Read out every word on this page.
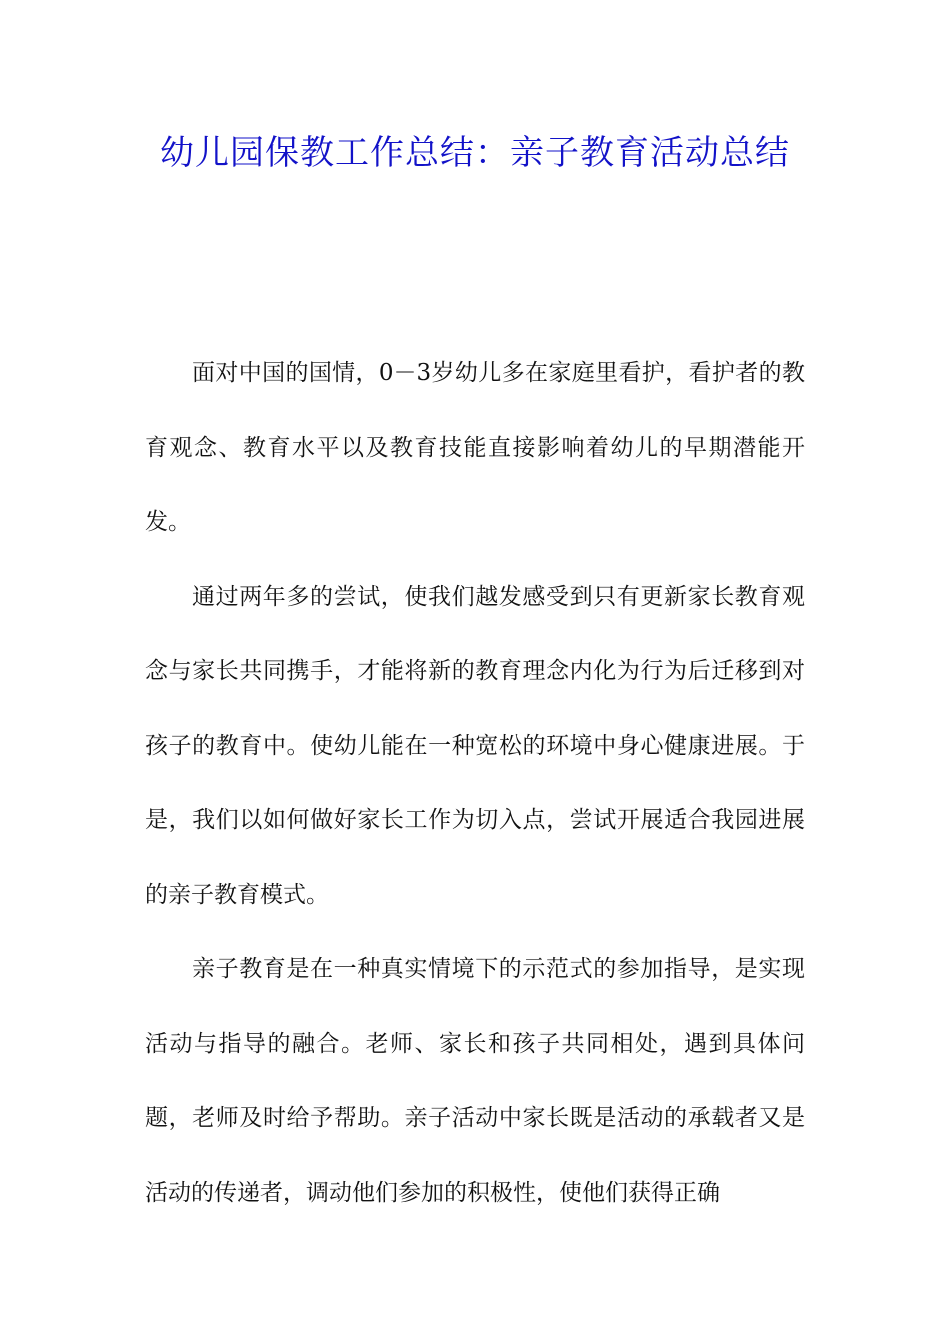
幼儿园保教工作总结：亲子教育活动总结

面对中国的国情，0－3岁幼儿多在家庭里看护，看护者的教育观念、教育水平以及教育技能直接影响着幼儿的早期潜能开发。

通过两年多的尝试，使我们越发感受到只有更新家长教育观念与家长共同携手，才能将新的教育理念内化为行为后迁移到对孩子的教育中。使幼儿能在一种宽松的环境中身心健康进展。于是，我们以如何做好家长工作为切入点，尝试开展适合我园进展的亲子教育模式。

亲子教育是在一种真实情境下的示范式的参加指导，是实现活动与指导的融合。老师、家长和孩子共同相处，遇到具体问题，老师及时给予帮助。亲子活动中家长既是活动的承载者又是活动的传递者，调动他们参加的积极性，使他们获得正确
